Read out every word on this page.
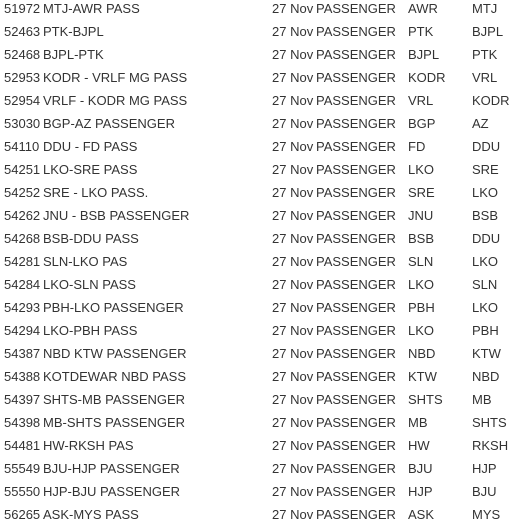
51972 MTJ-AWR PASS	27 Nov PASSENGER AWR	MTJ
52463 PTK-BJPL	27 Nov PASSENGER PTK	BJPL
52468 BJPL-PTK	27 Nov PASSENGER BJPL	PTK
52953 KODR - VRLF MG PASS	27 Nov PASSENGER KODR	VRL
52954 VRLF - KODR MG PASS	27 Nov PASSENGER VRL	KODR
53030 BGP-AZ PASSENGER	27 Nov PASSENGER BGP	AZ
54110 DDU - FD PASS	27 Nov PASSENGER FD	DDU
54251 LKO-SRE PASS	27 Nov PASSENGER LKO	SRE
54252 SRE - LKO PASS.	27 Nov PASSENGER SRE	LKO
54262 JNU - BSB PASSENGER	27 Nov PASSENGER JNU	BSB
54268 BSB-DDU PASS	27 Nov PASSENGER BSB	DDU
54281 SLN-LKO PAS	27 Nov PASSENGER SLN	LKO
54284 LKO-SLN PASS	27 Nov PASSENGER LKO	SLN
54293 PBH-LKO PASSENGER	27 Nov PASSENGER PBH	LKO
54294 LKO-PBH PASS	27 Nov PASSENGER LKO	PBH
54387 NBD KTW PASSENGER	27 Nov PASSENGER NBD	KTW
54388 KOTDEWAR NBD PASS	27 Nov PASSENGER KTW	NBD
54397 SHTS-MB PASSENGER	27 Nov PASSENGER SHTS	MB
54398 MB-SHTS PASSENGER	27 Nov PASSENGER MB	SHTS
54481 HW-RKSH PAS	27 Nov PASSENGER HW	RKSH
55549 BJU-HJP PASSENGER	27 Nov PASSENGER BJU	HJP
55550 HJP-BJU PASSENGER	27 Nov PASSENGER HJP	BJU
56265 ASK-MYS PASS	27 Nov PASSENGER ASK	MYS
